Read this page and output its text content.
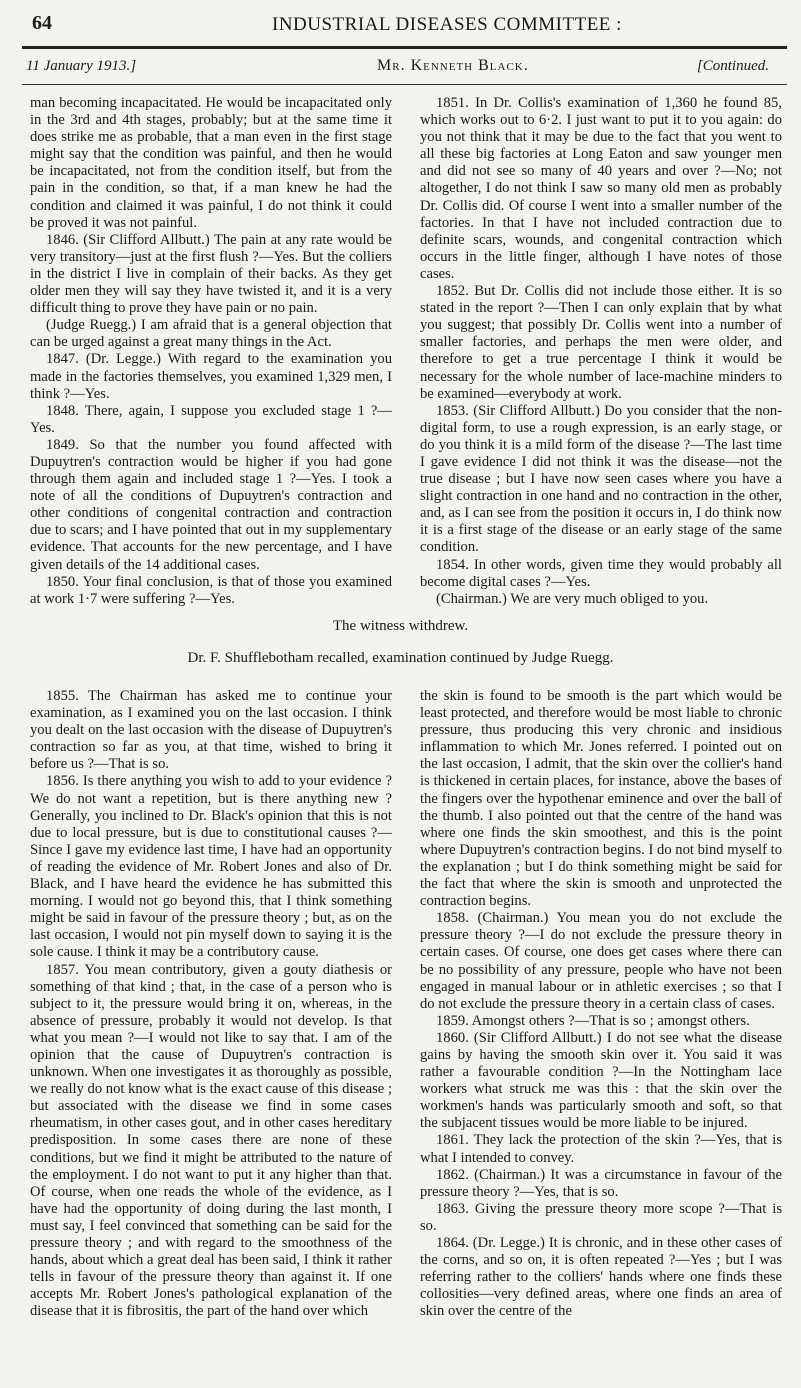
64	INDUSTRIAL DISEASES COMMITTEE :
11 January 1913.]	Mr. Kenneth Black.	[Continued.

man becoming incapacitated. He would be incapacitated only in the 3rd and 4th stages, probably; but at the same time it does strike me as probable, that a man even in the first stage might say that the condition was painful, and then he would be incapacitated, not from the condition itself, but from the pain in the condition, so that, if a man knew he had the condition and claimed it was painful, I do not think it could be proved it was not painful.

1846. (Sir Clifford Allbutt.) The pain at any rate would be very transitory—just at the first flush ?—Yes. But the colliers in the district I live in complain of their backs. As they get older men they will say they have twisted it, and it is a very difficult thing to prove they have pain or no pain.

(Judge Ruegg.) I am afraid that is a general objection that can be urged against a great many things in the Act.

1847. (Dr. Legge.) With regard to the examination you made in the factories themselves, you examined 1,329 men, I think ?—Yes.

1848. There, again, I suppose you excluded stage 1 ?—Yes.

1849. So that the number you found affected with Dupuytren's contraction would be higher if you had gone through them again and included stage 1 ?—Yes. I took a note of all the conditions of Dupuytren's contraction and other conditions of congenital contraction and contraction due to scars; and I have pointed that out in my supplementary evidence. That accounts for the new percentage, and I have given details of the 14 additional cases.

1850. Your final conclusion, is that of those you examined at work 1·7 were suffering ?—Yes.

1851. In Dr. Collis's examination of 1,360 he found 85, which works out to 6·2. I just want to put it to you again: do you not think that it may be due to the fact that you went to all these big factories at Long Eaton and saw younger men and did not see so many of 40 years and over ?—No; not altogether, I do not think I saw so many old men as probably Dr. Collis did. Of course I went into a smaller number of the factories. In that I have not included contraction due to definite scars, wounds, and congenital contraction which occurs in the little finger, although I have notes of those cases.

1852. But Dr. Collis did not include those either. It is so stated in the report ?—Then I can only explain that by what you suggest; that possibly Dr. Collis went into a number of smaller factories, and perhaps the men were older, and therefore to get a true percentage I think it would be necessary for the whole number of lace-machine minders to be examined—everybody at work.

1853. (Sir Clifford Allbutt.) Do you consider that the non-digital form, to use a rough expression, is an early stage, or do you think it is a mild form of the disease ?—The last time I gave evidence I did not think it was the disease—not the true disease ; but I have now seen cases where you have a slight contraction in one hand and no contraction in the other, and, as I can see from the position it occurs in, I do think now it is a first stage of the disease or an early stage of the same condition.

1854. In other words, given time they would probably all become digital cases ?—Yes.

(Chairman.) We are very much obliged to you.

The witness withdrew.
Dr. F. Shufflebotham recalled, examination continued by Judge Ruegg.

1855. The Chairman has asked me to continue your examination, as I examined you on the last occasion. I think you dealt on the last occasion with the disease of Dupuytren's contraction so far as you, at that time, wished to bring it before us ?—That is so.

1856. Is there anything you wish to add to your evidence ? We do not want a repetition, but is there anything new ? Generally, you inclined to Dr. Black's opinion that this is not due to local pressure, but is due to constitutional causes ?—Since I gave my evidence last time, I have had an opportunity of reading the evidence of Mr. Robert Jones and also of Dr. Black, and I have heard the evidence he has submitted this morning. I would not go beyond this, that I think something might be said in favour of the pressure theory ; but, as on the last occasion, I would not pin myself down to saying it is the sole cause. I think it may be a contributory cause.

1857. You mean contributory, given a gouty diathesis or something of that kind ; that, in the case of a person who is subject to it, the pressure would bring it on, whereas, in the absence of pressure, probably it would not develop. Is that what you mean ?—I would not like to say that. I am of the opinion that the cause of Dupuytren's contraction is unknown. When one investigates it as thoroughly as possible, we really do not know what is the exact cause of this disease ; but associated with the disease we find in some cases rheumatism, in other cases gout, and in other cases hereditary predisposition. In some cases there are none of these conditions, but we find it might be attributed to the nature of the employment. I do not want to put it any higher than that. Of course, when one reads the whole of the evidence, as I have had the opportunity of doing during the last month, I must say, I feel convinced that something can be said for the pressure theory ; and with regard to the smoothness of the hands, about which a great deal has been said, I think it rather tells in favour of the pressure theory than against it. If one accepts Mr. Robert Jones's pathological explanation of the disease that it is fibrositis, the part of the hand over which

the skin is found to be smooth is the part which would be least protected, and therefore would be most liable to chronic pressure, thus producing this very chronic and insidious inflammation to which Mr. Jones referred. I pointed out on the last occasion, I admit, that the skin over the collier's hand is thickened in certain places, for instance, above the bases of the fingers over the hypothenar eminence and over the ball of the thumb. I also pointed out that the centre of the hand was where one finds the skin smoothest, and this is the point where Dupuytren's contraction begins. I do not bind myself to the explanation ; but I do think something might be said for the fact that where the skin is smooth and unprotected the contraction begins.

1858. (Chairman.) You mean you do not exclude the pressure theory ?—I do not exclude the pressure theory in certain cases. Of course, one does get cases where there can be no possibility of any pressure, people who have not been engaged in manual labour or in athletic exercises ; so that I do not exclude the pressure theory in a certain class of cases.

1859. Amongst others ?—That is so ; amongst others.

1860. (Sir Clifford Allbutt.) I do not see what the disease gains by having the smooth skin over it. You said it was rather a favourable condition ?—In the Nottingham lace workers what struck me was this : that the skin over the workmen's hands was particularly smooth and soft, so that the subjacent tissues would be more liable to be injured.

1861. They lack the protection of the skin ?—Yes, that is what I intended to convey.

1862. (Chairman.) It was a circumstance in favour of the pressure theory ?—Yes, that is so.

1863. Giving the pressure theory more scope ?—That is so.

1864. (Dr. Legge.) It is chronic, and in these other cases of the corns, and so on, it is often repeated ?—Yes ; but I was referring rather to the colliers' hands where one finds these collosities—very defined areas, where one finds an area of skin over the centre of the
